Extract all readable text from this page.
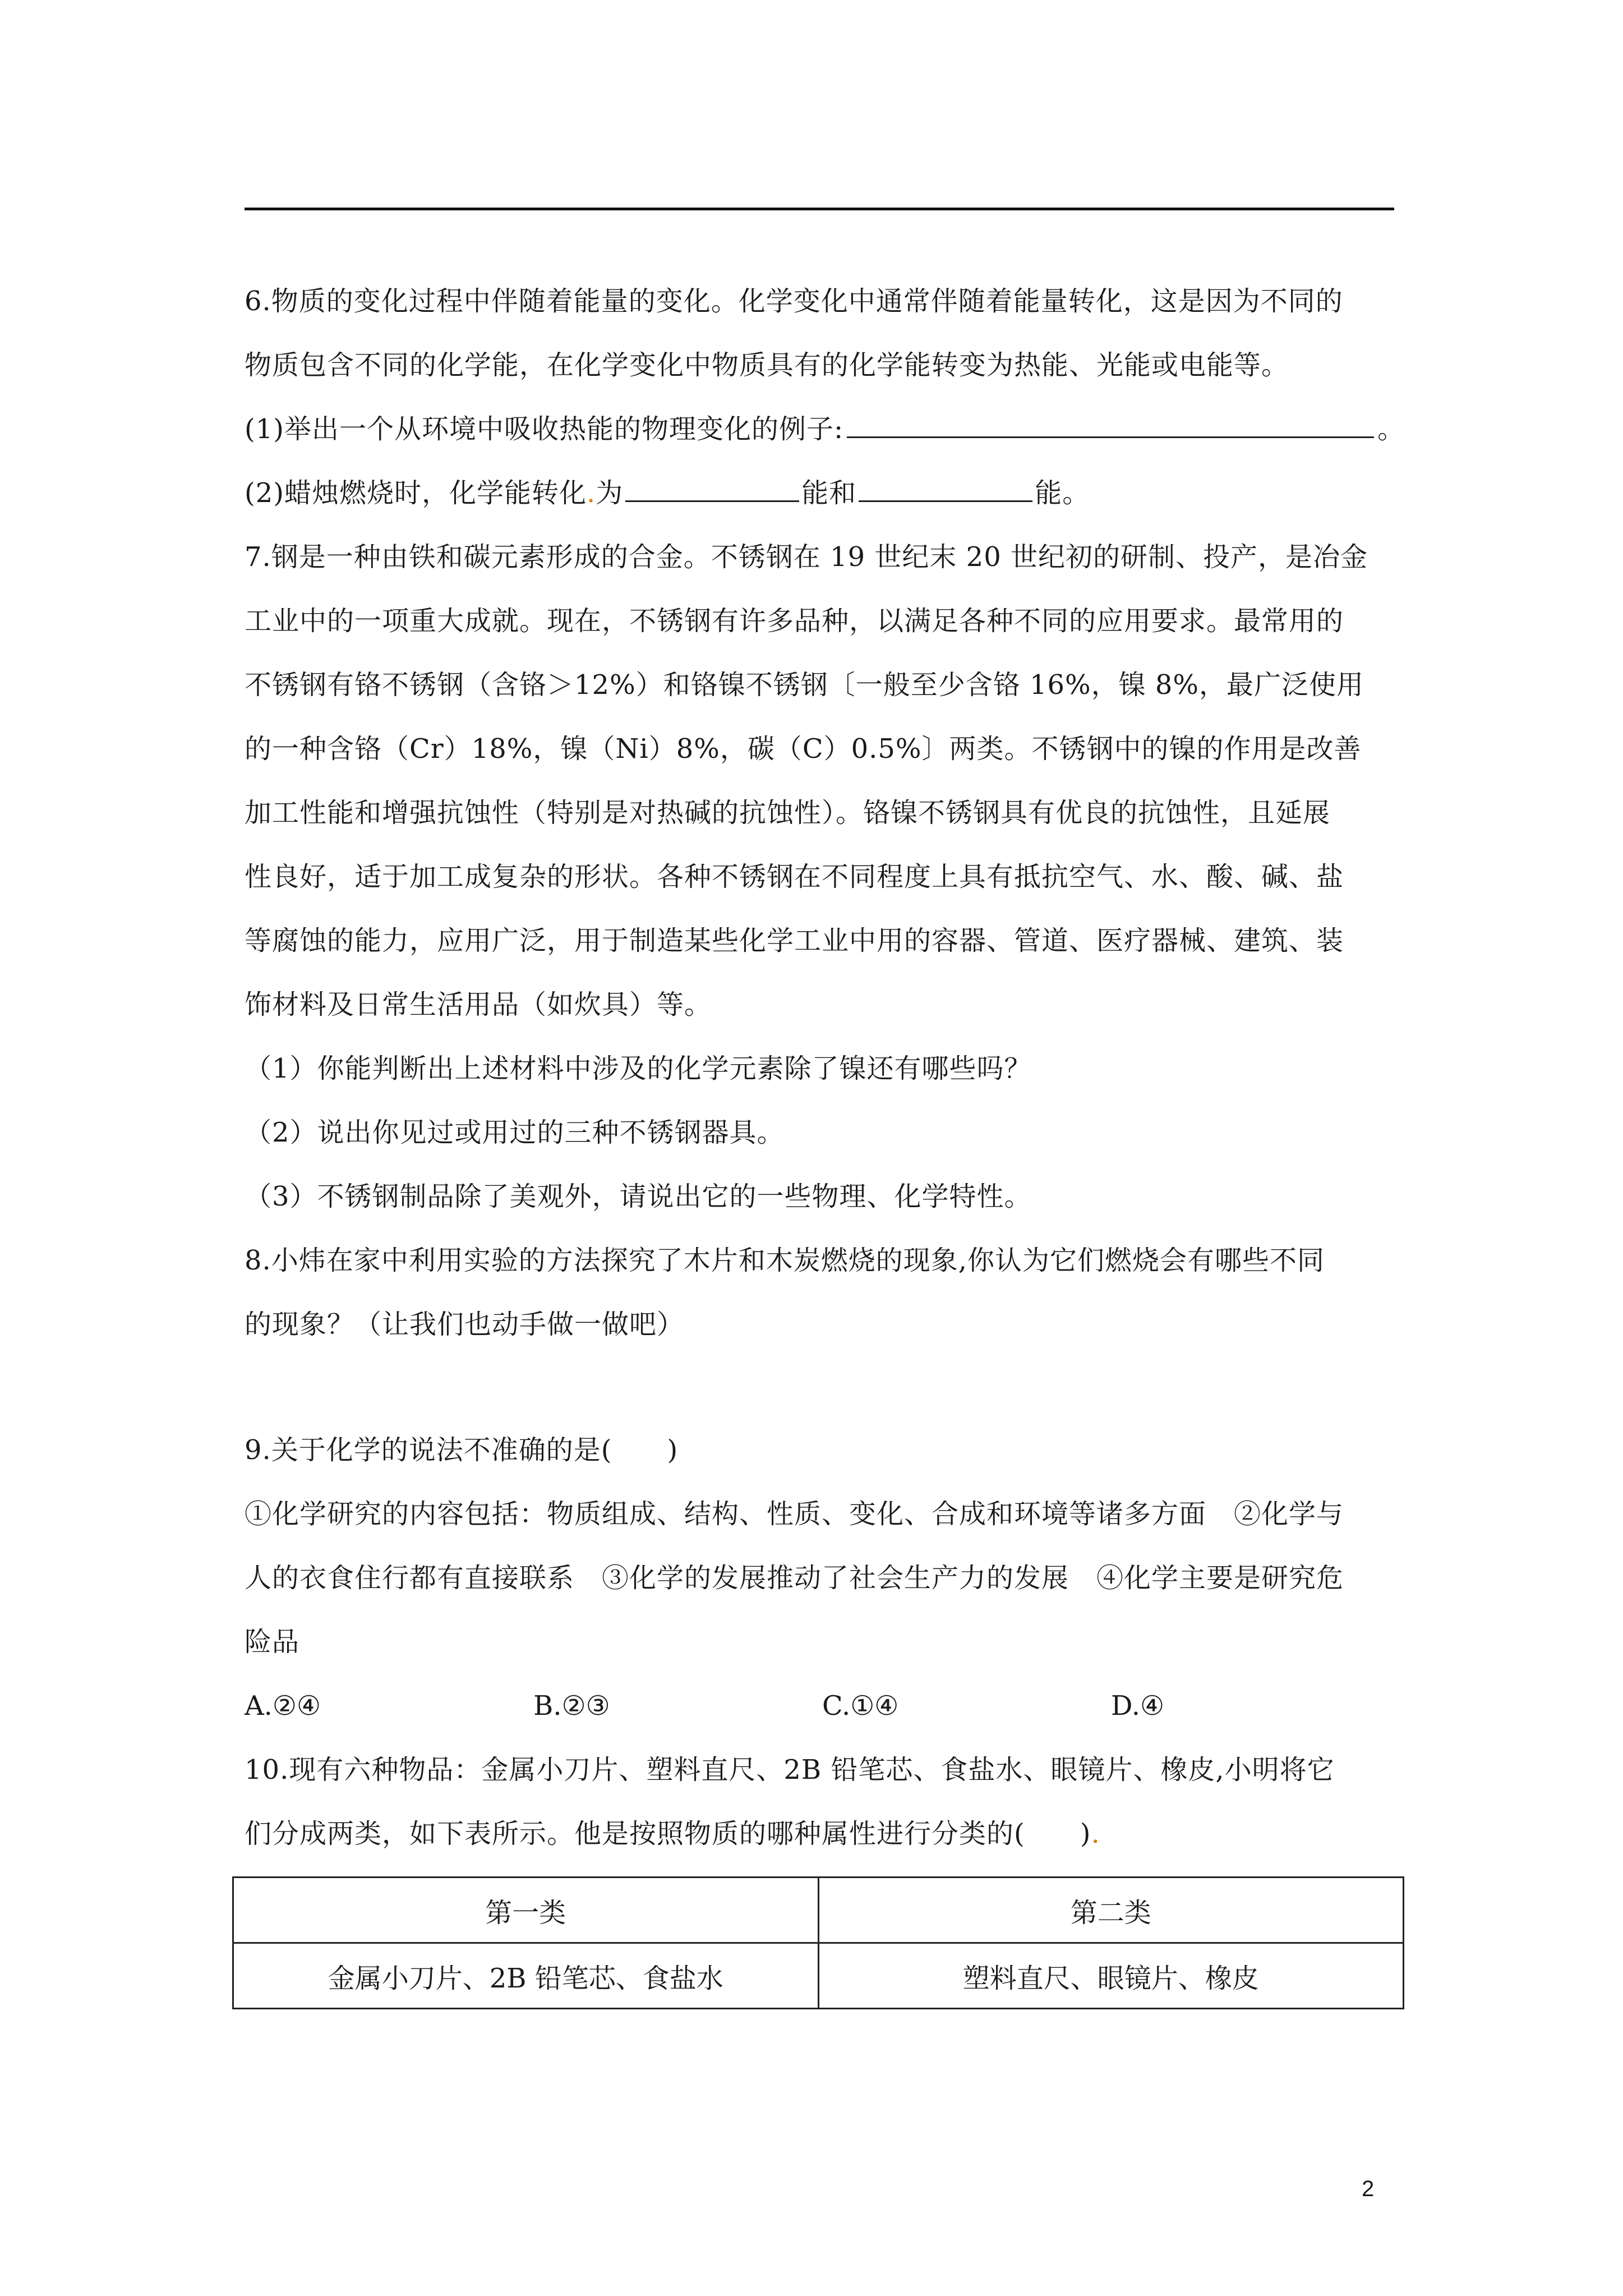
6.物质的变化过程中伴随着能量的变化。化学变化中通常伴随着能量转化，这是因为不同的
物质包含不同的化学能，在化学变化中物质具有的化学能转变为热能、光能或电能等。
(1)举出一个从环境中吸收热能的物理变化的例子:	。
(2)蜡烛燃烧时，化学能转化.为	能和	能。
7.钢是一种由铁和碳元素形成的合金。不锈钢在 19 世纪末 20 世纪初的研制、投产，是冶金
工业中的一项重大成就。现在，不锈钢有许多品种，以满足各种不同的应用要求。最常用的
不锈钢有铬不锈钢（含铬＞12%）和铬镍不锈钢〔一般至少含铬 16%，镍 8%，最广泛使用
的一种含铬（Cr）18%，镍（Ni）8%，碳（C）0.5%〕两类。不锈钢中的镍的作用是改善
加工性能和增强抗蚀性（特别是对热碱的抗蚀性）。铬镍不锈钢具有优良的抗蚀性，且延展
性良好，适于加工成复杂的形状。各种不锈钢在不同程度上具有抵抗空气、水、酸、碱、盐
等腐蚀的能力，应用广泛，用于制造某些化学工业中用的容器、管道、医疗器械、建筑、装
饰材料及日常生活用品（如炊具）等。
（1）你能判断出上述材料中涉及的化学元素除了镍还有哪些吗？
（2）说出你见过或用过的三种不锈钢器具。
（3）不锈钢制品除了美观外，请说出它的一些物理、化学特性。
8.小炜在家中利用实验的方法探究了木片和木炭燃烧的现象,你认为它们燃烧会有哪些不同
的现象？（让我们也动手做一做吧）
9.关于化学的说法不准确的是(　　)
①化学研究的内容包括：物质组成、结构、性质、变化、合成和环境等诸多方面　②化学与
人的衣食住行都有直接联系　③化学的发展推动了社会生产力的发展　④化学主要是研究危
险品
A.②④	B.②③	C.①④	D.④
10.现有六种物品：金属小刀片、塑料直尺、2B 铅笔芯、食盐水、眼镜片、橡皮,小明将它
们分成两类，如下表所示。他是按照物质的哪种属性进行分类的(　　).
第一类	第二类
金属小刀片、2B 铅笔芯、食盐水	塑料直尺、眼镜片、橡皮
2
